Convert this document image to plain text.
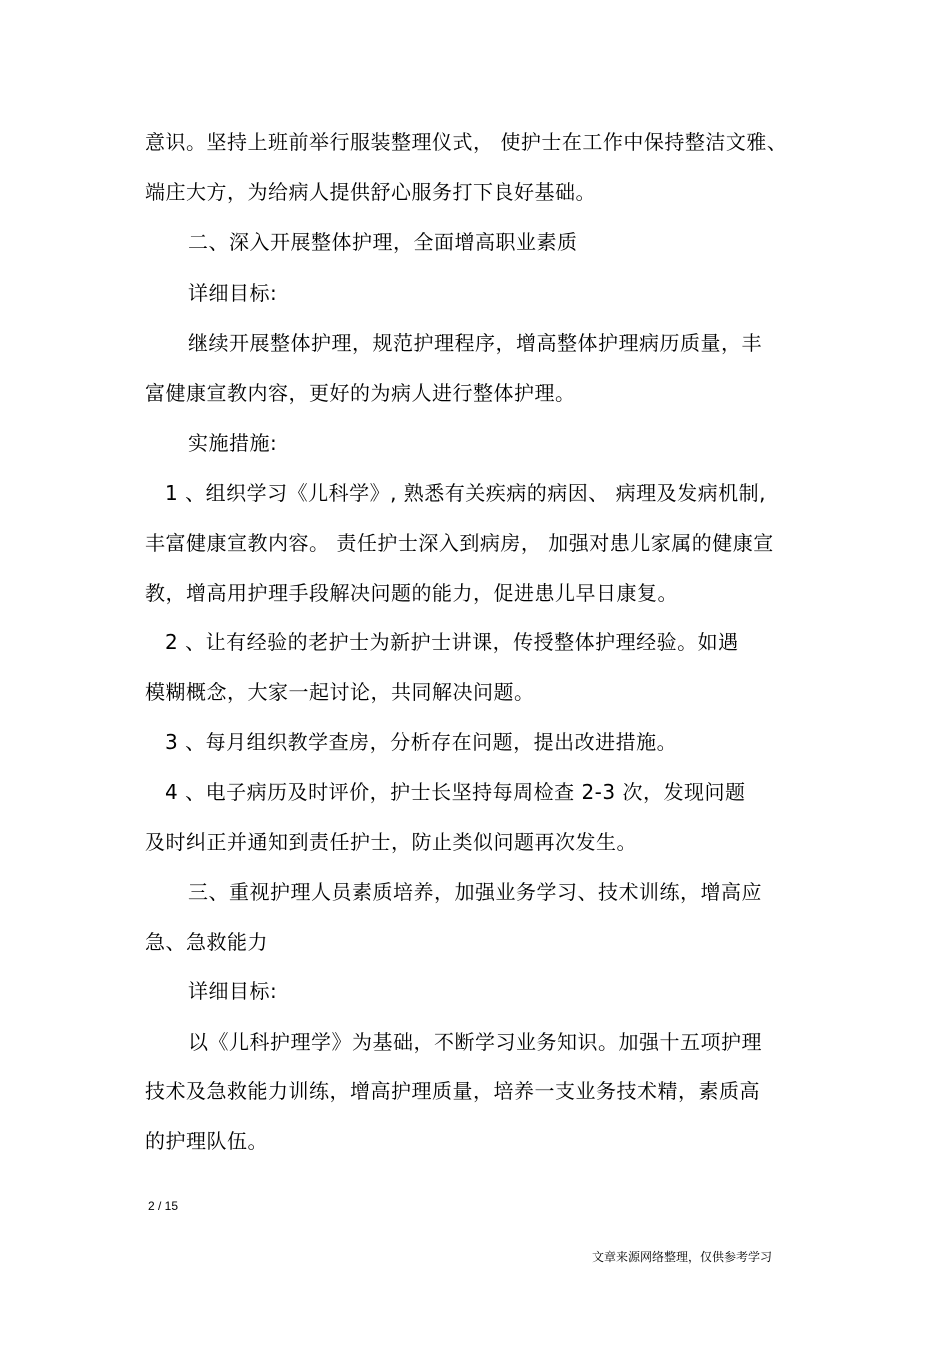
意识。坚持上班前举行服装整理仪式， 使护士在工作中保持整洁文雅、
端庄大方，为给病人提供舒心服务打下良好基础。
二、深入开展整体护理，全面增高职业素质
详细目标:
继续开展整体护理，规范护理程序，增高整体护理病历质量，丰
富健康宣教内容，更好的为病人进行整体护理。
实施措施:
1 、组织学习《儿科学》, 熟悉有关疾病的病因、 病理及发病机制,
丰富健康宣教内容。 责任护士深入到病房， 加强对患儿家属的健康宣
教，增高用护理手段解决问题的能力，促进患儿早日康复。
2 、让有经验的老护士为新护士讲课，传授整体护理经验。如遇
模糊概念，大家一起讨论，共同解决问题。
3 、每月组织教学查房，分析存在问题，提出改进措施。
4 、电子病历及时评价，护士长坚持每周检查 2-3 次，发现问题
及时纠正并通知到责任护士，防止类似问题再次发生。
三、重视护理人员素质培养，加强业务学习、技术训练，增高应
急、急救能力
详细目标:
以《儿科护理学》为基础，不断学习业务知识。加强十五项护理
技术及急救能力训练，增高护理质量，培养一支业务技术精，素质高
的护理队伍。
2 / 15
文章来源网络整理，仅供参考学习
